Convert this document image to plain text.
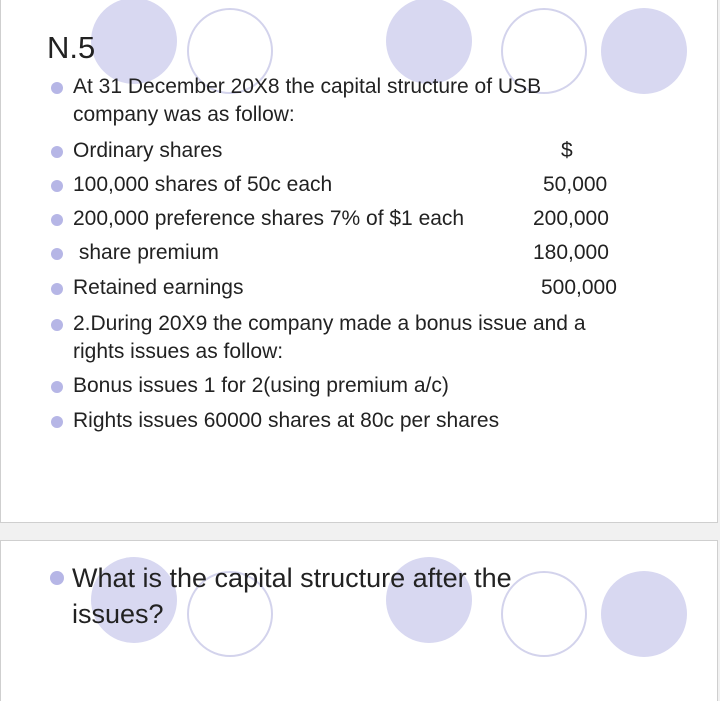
N.5
At 31 December 20X8 the capital structure of USB
company was as follow:
Ordinary shares	$
100,000 shares of 50c each	50,000
200,000 preference shares 7% of $1 each	200,000
share premium	180,000
Retained earnings	500,000
2.During 20X9 the company made a bonus issue and a
rights issues as follow:
Bonus issues 1 for 2(using premium a/c)
Rights issues 60000 shares at 80c per shares
What is the capital structure after the
issues?
